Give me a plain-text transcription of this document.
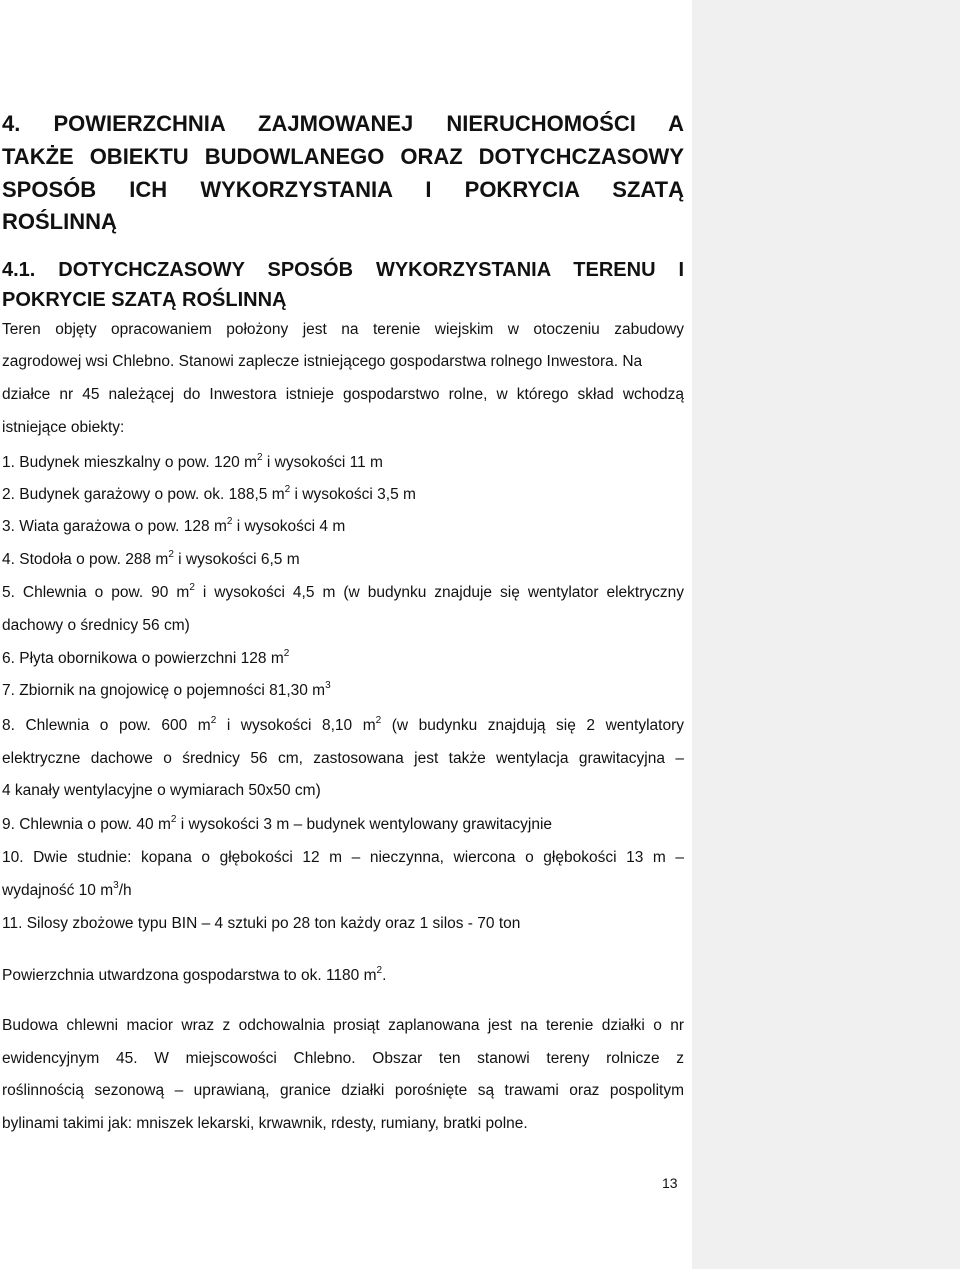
4. POWIERZCHNIA ZAJMOWANEJ NIERUCHOMOŚCI A
TAKŻE OBIEKTU BUDOWLANEGO ORAZ DOTYCHCZASOWY
SPOSÓB ICH WYKORZYSTANIA I POKRYCIA SZATĄ
ROŚLINNĄ
4.1. DOTYCHCZASOWY SPOSÓB WYKORZYSTANIA TERENU I
POKRYCIE SZATĄ ROŚLINNĄ
Teren objęty opracowaniem położony jest na terenie wiejskim w otoczeniu zabudowy
zagrodowej wsi Chlebno. Stanowi zaplecze istniejącego gospodarstwa rolnego Inwestora. Na
działce nr 45 należącej do Inwestora istnieje gospodarstwo rolne, w którego skład wchodzą
istniejące obiekty:
1. Budynek mieszkalny o pow. 120 $m^2$ i wysokości 11 m
2. Budynek garażowy o pow. ok. 188,5 $m^2$ i wysokości 3,5 m
3. Wiata garażowa o pow. 128 $m^2$ i wysokości 4 m
4. Stodoła o pow. 288 $m^2$ i wysokości 6,5 m
5. Chlewnia o pow. 90 $m^2$ i wysokości 4,5 m (w budynku znajduje się wentylator elektryczny
dachowy o średnicy 56 cm)
6. Płyta obornikowa o powierzchni 128 $m^2$
7. Zbiornik na gnojowicę o pojemności 81,30 $m^3$
8. Chlewnia o pow. 600 $m^2$ i wysokości 8,10 $m^2$ (w budynku znajdują się 2 wentylatory
elektryczne dachowe o średnicy 56 cm, zastosowana jest także wentylacja grawitacyjna –
4 kanały wentylacyjne o wymiarach 50x50 cm)
9. Chlewnia o pow. 40 $m^2$ i wysokości 3 m – budynek wentylowany grawitacyjnie
10. Dwie studnie: kopana o głębokości 12 m – nieczynna, wiercona o głębokości 13 m –
wydajność 10 $m^3/h$
11. Silosy zbożowe typu BIN – 4 sztuki po 28 ton każdy oraz 1 silos - 70 ton
Powierzchnia utwardzona gospodarstwa to ok. 1180 $m^2$.
Budowa chlewni macior wraz z odchowalnia prosiąt zaplanowana jest na terenie działki o nr
ewidencyjnym 45. W miejscowości Chlebno. Obszar ten stanowi tereny rolnicze z
roślinnością sezonową – uprawianą, granice działki porośnięte są trawami oraz pospolitym
bylinami takimi jak: mniszek lekarski, krwawnik, rdesty, rumiany, bratki polne.
13
